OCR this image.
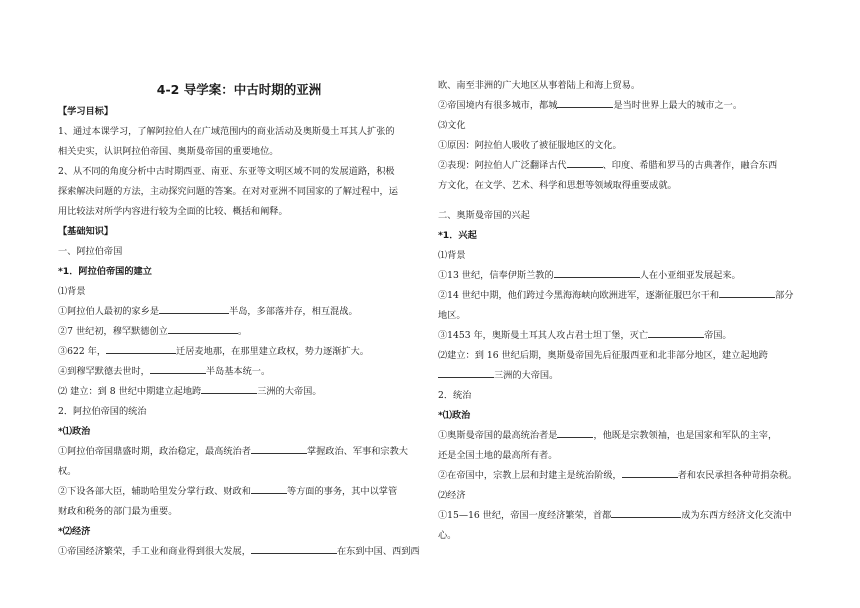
4-2 导学案：中古时期的亚洲
【学习目标】
1、通过本课学习，了解阿拉伯人在广域范围内的商业活动及奥斯曼土耳其人扩张的
相关史实，认识阿拉伯帝国、奥斯曼帝国的重要地位。
2、从不同的角度分析中古时期西亚、南亚、东亚等文明区域不同的发展道路，积极
探索解决问题的方法，主动探究问题的答案。在对对亚洲不同国家的了解过程中，运
用比较法对所学内容进行较为全面的比较、概括和阐释。
【基础知识】
一、阿拉伯帝国
*1．阿拉伯帝国的建立
⑴背景
①阿拉伯人最初的家乡是	半岛，多部落并存，相互混战。
②7 世纪初，穆罕默德创立	。
③622 年，	迁居麦地那，在那里建立政权，势力逐渐扩大。
④到穆罕默德去世时，	半岛基本统一。
⑵ 建立：到 8 世纪中期建立起地跨	三洲的大帝国。
2．阿拉伯帝国的统治
*⑴政治
①阿拉伯帝国鼎盛时期，政治稳定，最高统治者	掌握政治、军事和宗教大
权。
②下设各部大臣，辅助哈里发分掌行政、财政和	等方面的事务，其中以掌管
财政和税务的部门最为重要。
*⑵经济
①帝国经济繁荣，手工业和商业得到很大发展，	在东到中国、西到西
欧、南至非洲的广大地区从事着陆上和海上贸易。
②帝国境内有很多城市，都城	是当时世界上最大的城市之一。
⑶文化
①原因：阿拉伯人吸收了被征服地区的文化。
②表现：阿拉伯人广泛翻译古代	、印度、希腊和罗马的古典著作，融合东西
方文化，在文学、艺术、科学和思想等领域取得重要成就。
二、奥斯曼帝国的兴起
*1．兴起
⑴背景
①13 世纪，信奉伊斯兰教的	人在小亚细亚发展起来。
②14 世纪中期，他们跨过今黑海海峡向欧洲进军，逐渐征服巴尔干和	部分
地区。
③1453 年，奥斯曼土耳其人攻占君士坦丁堡，灭亡	帝国。
⑵建立：到 16 世纪后期，奥斯曼帝国先后征服西亚和北非部分地区，建立起地跨
三洲的大帝国。
2．统治
*⑴政治
①奥斯曼帝国的最高统治者是	，他既是宗教领袖，也是国家和军队的主宰，
还是全国土地的最高所有者。
②在帝国中，宗教上层和封建主是统治阶级，	者和农民承担各种苛捐杂税。
⑵经济
①15—16 世纪，帝国一度经济繁荣，首都	成为东西方经济文化交流中
心。
